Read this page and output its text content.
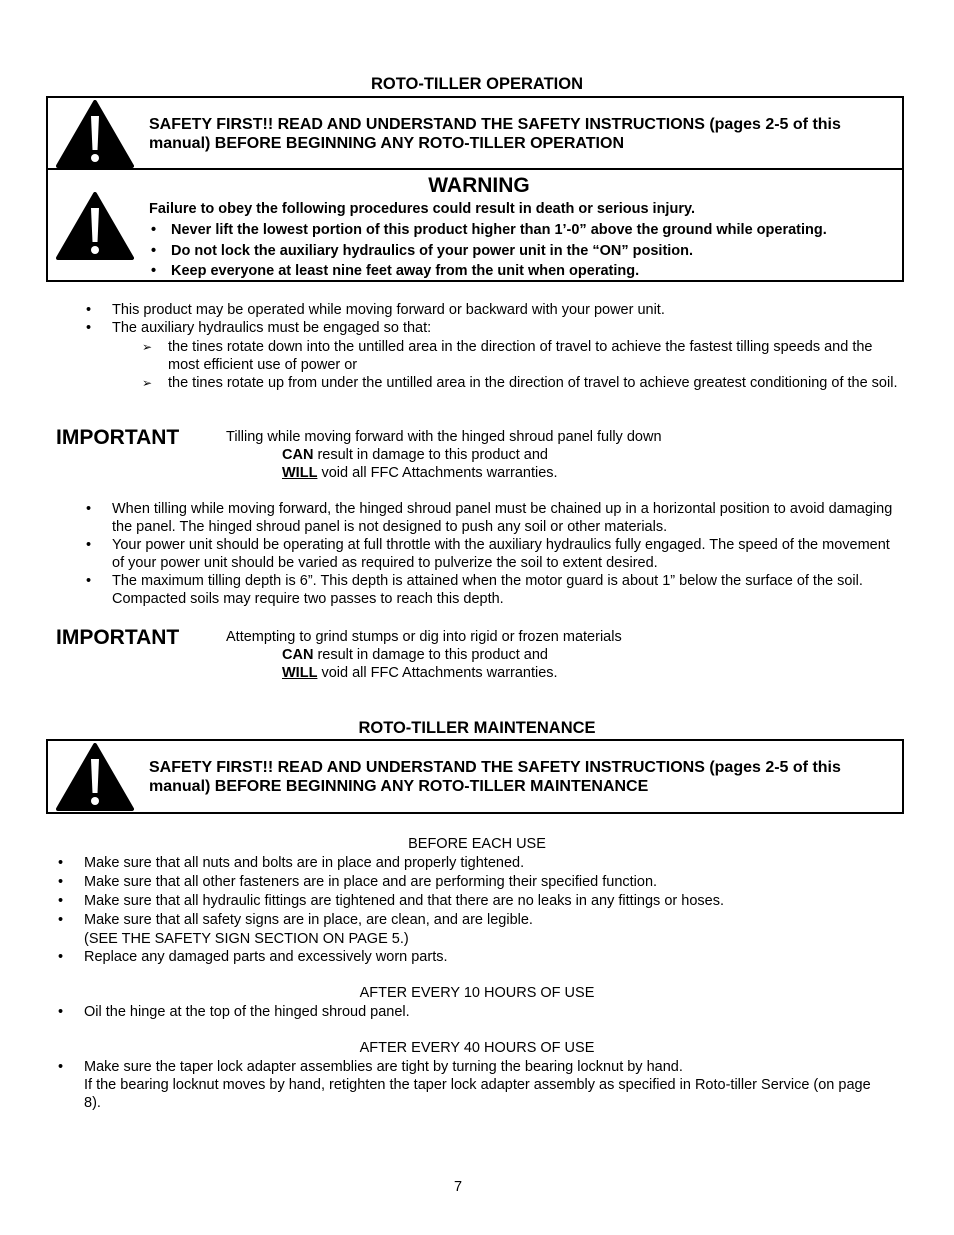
ROTO-TILLER OPERATION
SAFETY FIRST!! READ AND UNDERSTAND THE SAFETY INSTRUCTIONS (pages 2-5 of this manual) BEFORE BEGINNING ANY ROTO-TILLER OPERATION
WARNING
Failure to obey the following procedures could result in death or serious injury.
• Never lift the lowest portion of this product higher than 1’-0” above the ground while operating.
• Do not lock the auxiliary hydraulics of your power unit in the “ON” position.
• Keep everyone at least nine feet away from the unit when operating.
• This product may be operated while moving forward or backward with your power unit.
• The auxiliary hydraulics must be engaged so that:
➢ the tines rotate down into the untilled area in the direction of travel to achieve the fastest tilling speeds and the most efficient use of power or
➢ the tines rotate up from under the untilled area in the direction of travel to achieve greatest conditioning of the soil.
IMPORTANT	Tilling while moving forward with the hinged shroud panel fully down
CAN result in damage to this product and
WILL void all FFC Attachments warranties.
• When tilling while moving forward, the hinged shroud panel must be chained up in a horizontal position to avoid damaging the panel. The hinged shroud panel is not designed to push any soil or other materials.
• Your power unit should be operating at full throttle with the auxiliary hydraulics fully engaged. The speed of the movement of your power unit should be varied as required to pulverize the soil to extent desired.
• The maximum tilling depth is 6”. This depth is attained when the motor guard is about 1” below the surface of the soil. Compacted soils may require two passes to reach this depth.
IMPORTANT	Attempting to grind stumps or dig into rigid or frozen materials
CAN result in damage to this product and
WILL void all FFC Attachments warranties.
ROTO-TILLER MAINTENANCE
SAFETY FIRST!! READ AND UNDERSTAND THE SAFETY INSTRUCTIONS (pages 2-5 of this manual) BEFORE BEGINNING ANY ROTO-TILLER MAINTENANCE
BEFORE EACH USE
• Make sure that all nuts and bolts are in place and properly tightened.
• Make sure that all other fasteners are in place and are performing their specified function.
• Make sure that all hydraulic fittings are tightened and that there are no leaks in any fittings or hoses.
• Make sure that all safety signs are in place, are clean, and are legible.
(SEE THE SAFETY SIGN SECTION ON PAGE 5.)
• Replace any damaged parts and excessively worn parts.
AFTER EVERY 10 HOURS OF USE
• Oil the hinge at the top of the hinged shroud panel.
AFTER EVERY 40 HOURS OF USE
• Make sure the taper lock adapter assemblies are tight by turning the bearing locknut by hand.
If the bearing locknut moves by hand, retighten the taper lock adapter assembly as specified in Roto-tiller Service (on page 8).
7
